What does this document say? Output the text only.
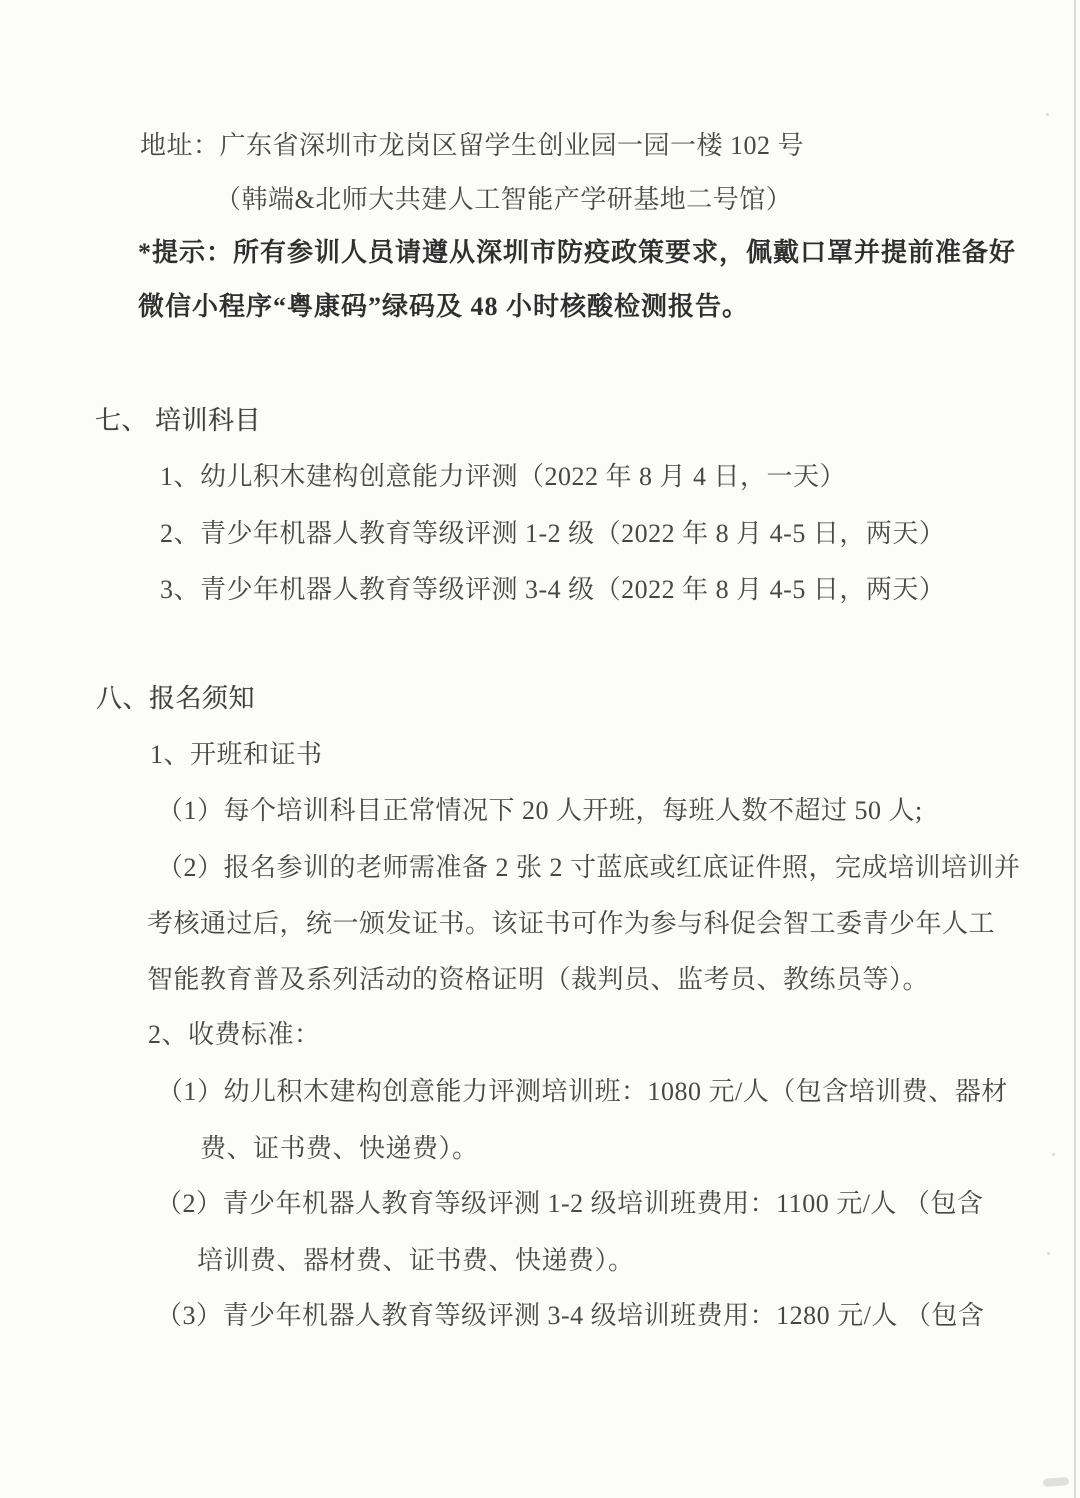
地址：广东省深圳市龙岗区留学生创业园一园一楼 102 号
（韩端&北师大共建人工智能产学研基地二号馆）
*提示：所有参训人员请遵从深圳市防疫政策要求，佩戴口罩并提前准备好
微信小程序“粤康码”绿码及 48 小时核酸检测报告。
七、 培训科目
1、幼儿积木建构创意能力评测（2022 年 8 月 4 日，一天）
2、青少年机器人教育等级评测 1-2 级（2022 年 8 月 4-5 日，两天）
3、青少年机器人教育等级评测 3-4 级（2022 年 8 月 4-5 日，两天）
八、报名须知
1、开班和证书
（1）每个培训科目正常情况下 20 人开班，每班人数不超过 50 人;
（2）报名参训的老师需准备 2 张 2 寸蓝底或红底证件照，完成培训培训并
考核通过后，统一颁发证书。该证书可作为参与科促会智工委青少年人工
智能教育普及系列活动的资格证明（裁判员、监考员、教练员等）。
2、收费标准：
（1）幼儿积木建构创意能力评测培训班：1080 元/人（包含培训费、器材
费、证书费、快递费）。
（2）青少年机器人教育等级评测 1-2 级培训班费用：1100 元/人 （包含
培训费、器材费、证书费、快递费）。
（3）青少年机器人教育等级评测 3-4 级培训班费用：1280 元/人 （包含
